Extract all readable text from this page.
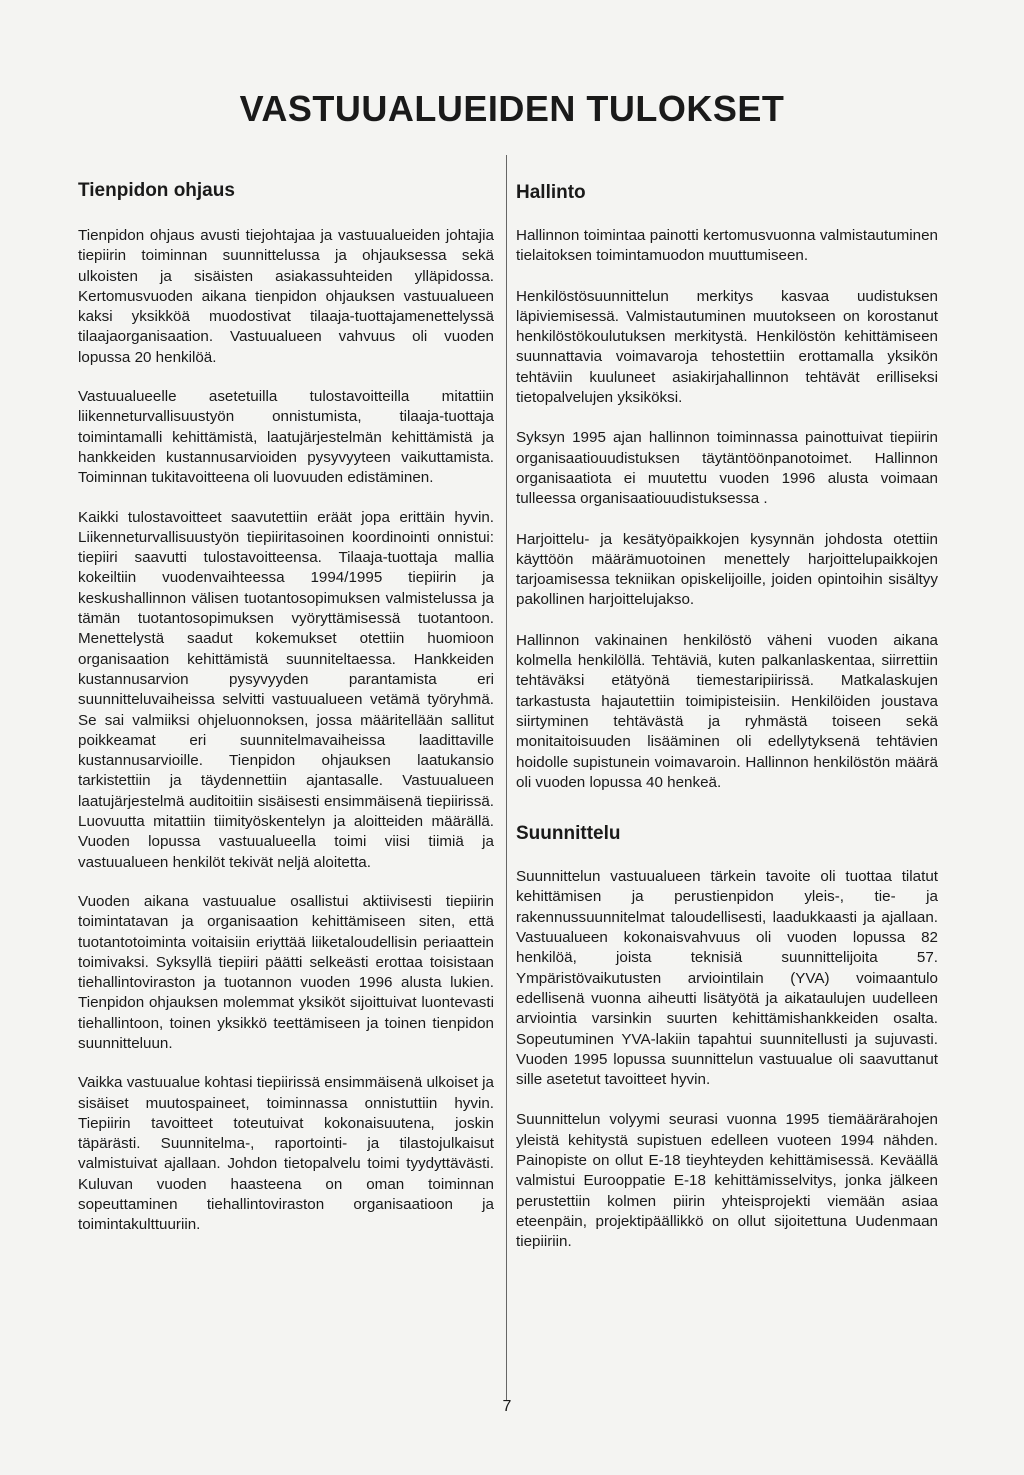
VASTUUALUEIDEN TULOKSET
Tienpidon ohjaus

Tienpidon ohjaus avusti tiejohtajaa ja vastuualueiden johtajia tiepiirin toiminnan suunnittelussa ja ohjauksessa sekä ulkoisten ja sisäisten asiakassuhteiden ylläpidossa. Kertomusvuoden aikana tienpidon ohjauksen vastuualueen kaksi yksikköä muodostivat tilaaja-tuottajamenettelyssä tilaajaorganisaation. Vastuualueen vahvuus oli vuoden lopussa 20 henkilöä.

Vastuualueelle asetetuilla tulostavoitteilla mitattiin liikenneturvallisuustyön onnistumista, tilaaja-tuottaja toimintamalli kehittämistä, laatujärjestelmän kehittämistä ja hankkeiden kustannusarvioiden pysyvyyteen vaikuttamista. Toiminnan tukitavoitteena oli luovuuden edistäminen.

Kaikki tulostavoitteet saavutettiin eräät jopa erittäin hyvin. Liikenneturvallisuustyön tiepiiritasoinen koordinointi onnistui: tiepiiri saavutti tulostavoitteensa. Tilaaja-tuottaja mallia kokeiltiin vuodenvaihteessa 1994/1995 tiepiirin ja keskushallinnon välisen tuotantosopimuksen valmistelussa ja tämän tuotantosopimuksen vyöryttämisessä tuotantoon. Menettelystä saadut kokemukset otettiin huomioon organisaation kehittämistä suunniteltaessa. Hankkeiden kustannusarvion pysyvyyden parantamista eri suunnitteluvaiheissa selvitti vastuualueen vetämä työryhmä. Se sai valmiiksi ohjeluonnoksen, jossa määritellään sallitut poikkeamat eri suunnitelmavaiheissa laadittaville kustannusarvioille. Tienpidon ohjauksen laatukansio tarkistettiin ja täydennettiin ajantasalle. Vastuualueen laatujärjestelmä auditoitiin sisäisesti ensimmäisenä tiepiirissä. Luovuutta mitattiin tiimityöskentelyn ja aloitteiden määrällä. Vuoden lopussa vastuualueella toimi viisi tiimiä ja vastuualueen henkilöt tekivät neljä aloitetta.

Vuoden aikana vastuualue osallistui aktiivisesti tiepiirin toimintatavan ja organisaation kehittämiseen siten, että tuotantotoiminta voitaisiin eriyttää liiketaloudellisin periaattein toimivaksi. Syksyllä tiepiiri päätti selkeästi erottaa toisistaan tiehallintoviraston ja tuotannon vuoden 1996 alusta lukien. Tienpidon ohjauksen molemmat yksiköt sijoittuivat luontevasti tiehallintoon, toinen yksikkö teettämiseen ja toinen tienpidon suunnitteluun.

Vaikka vastuualue kohtasi tiepiirissä ensimmäisenä ulkoiset ja sisäiset muutospaineet, toiminnassa onnistuttiin hyvin. Tiepiirin tavoitteet toteutuivat kokonaisuutena, joskin täpärästi. Suunnitelma-, raportointi- ja tilastojulkaisut valmistuivat ajallaan. Johdon tietopalvelu toimi tyydyttävästi. Kuluvan vuoden haasteena on oman toiminnan sopeuttaminen tiehallintoviraston organisaatioon ja toimintakulttuuriin.

Hallinto

Hallinnon toimintaa painotti kertomusvuonna valmistautuminen tielaitoksen toimintamuodon muuttumiseen.

Henkilöstösuunnittelun merkitys kasvaa uudistuksen läpiviemisessä. Valmistautuminen muutokseen on korostanut henkilöstökoulutuksen merkitystä. Henkilöstön kehittämiseen suunnattavia voimavaroja tehostettiin erottamalla yksikön tehtäviin kuuluneet asiakirjahallinnon tehtävät erilliseksi tietopalvelujen yksiköksi.

Syksyn 1995 ajan hallinnon toiminnassa painottuivat tiepiirin organisaatiouudistuksen täytäntöönpanotoimet. Hallinnon organisaatiota ei muutettu vuoden 1996 alusta voimaan tulleessa organisaatiouudistuksessa .

Harjoittelu- ja kesätyöpaikkojen kysynnän johdosta otettiin käyttöön määrämuotoinen menettely harjoittelupaikkojen tarjoamisessa tekniikan opiskelijoille, joiden opintoihin sisältyy pakollinen harjoittelujakso.

Hallinnon vakinainen henkilöstö väheni vuoden aikana kolmella henkilöllä. Tehtäviä, kuten palkanlaskentaa, siirrettiin tehtäväksi etätyönä tiemestaripiirissä. Matkalaskujen tarkastusta hajautettiin toimipisteisiin. Henkilöiden joustava siirtyminen tehtävästä ja ryhmästä toiseen sekä monitaitoisuuden lisääminen oli edellytyksenä tehtävien hoidolle supistunein voimavaroin. Hallinnon henkilöstön määrä oli vuoden lopussa 40 henkeä.

Suunnittelu

Suunnittelun vastuualueen tärkein tavoite oli tuottaa tilatut kehittämisen ja perustienpidon yleis-, tie- ja rakennussuunnitelmat taloudellisesti, laadukkaasti ja ajallaan. Vastuualueen kokonaisvahvuus oli vuoden lopussa 82 henkilöä, joista teknisiä suunnittelijoita 57. Ympäristövaikutusten arviointilain (YVA) voimaantulo edellisenä vuonna aiheutti lisätyötä ja aikataulujen uudelleen arviointia varsinkin suurten kehittämishankkeiden osalta. Sopeutuminen YVA-lakiin tapahtui suunnitellusti ja sujuvasti. Vuoden 1995 lopussa suunnittelun vastuualue oli saavuttanut sille asetetut tavoitteet hyvin.

Suunnittelun volyymi seurasi vuonna 1995 tiemäärärahojen yleistä kehitystä supistuen edelleen vuoteen 1994 nähden. Painopiste on ollut E-18 tieyhteyden kehittämisessä. Keväällä valmistui Eurooppatie E-18 kehittämisselvitys, jonka jälkeen perustettiin kolmen piirin yhteisprojekti viemään asiaa eteenpäin, projektipäällikkö on ollut sijoitettuna Uudenmaan tiepiiriin.

7
